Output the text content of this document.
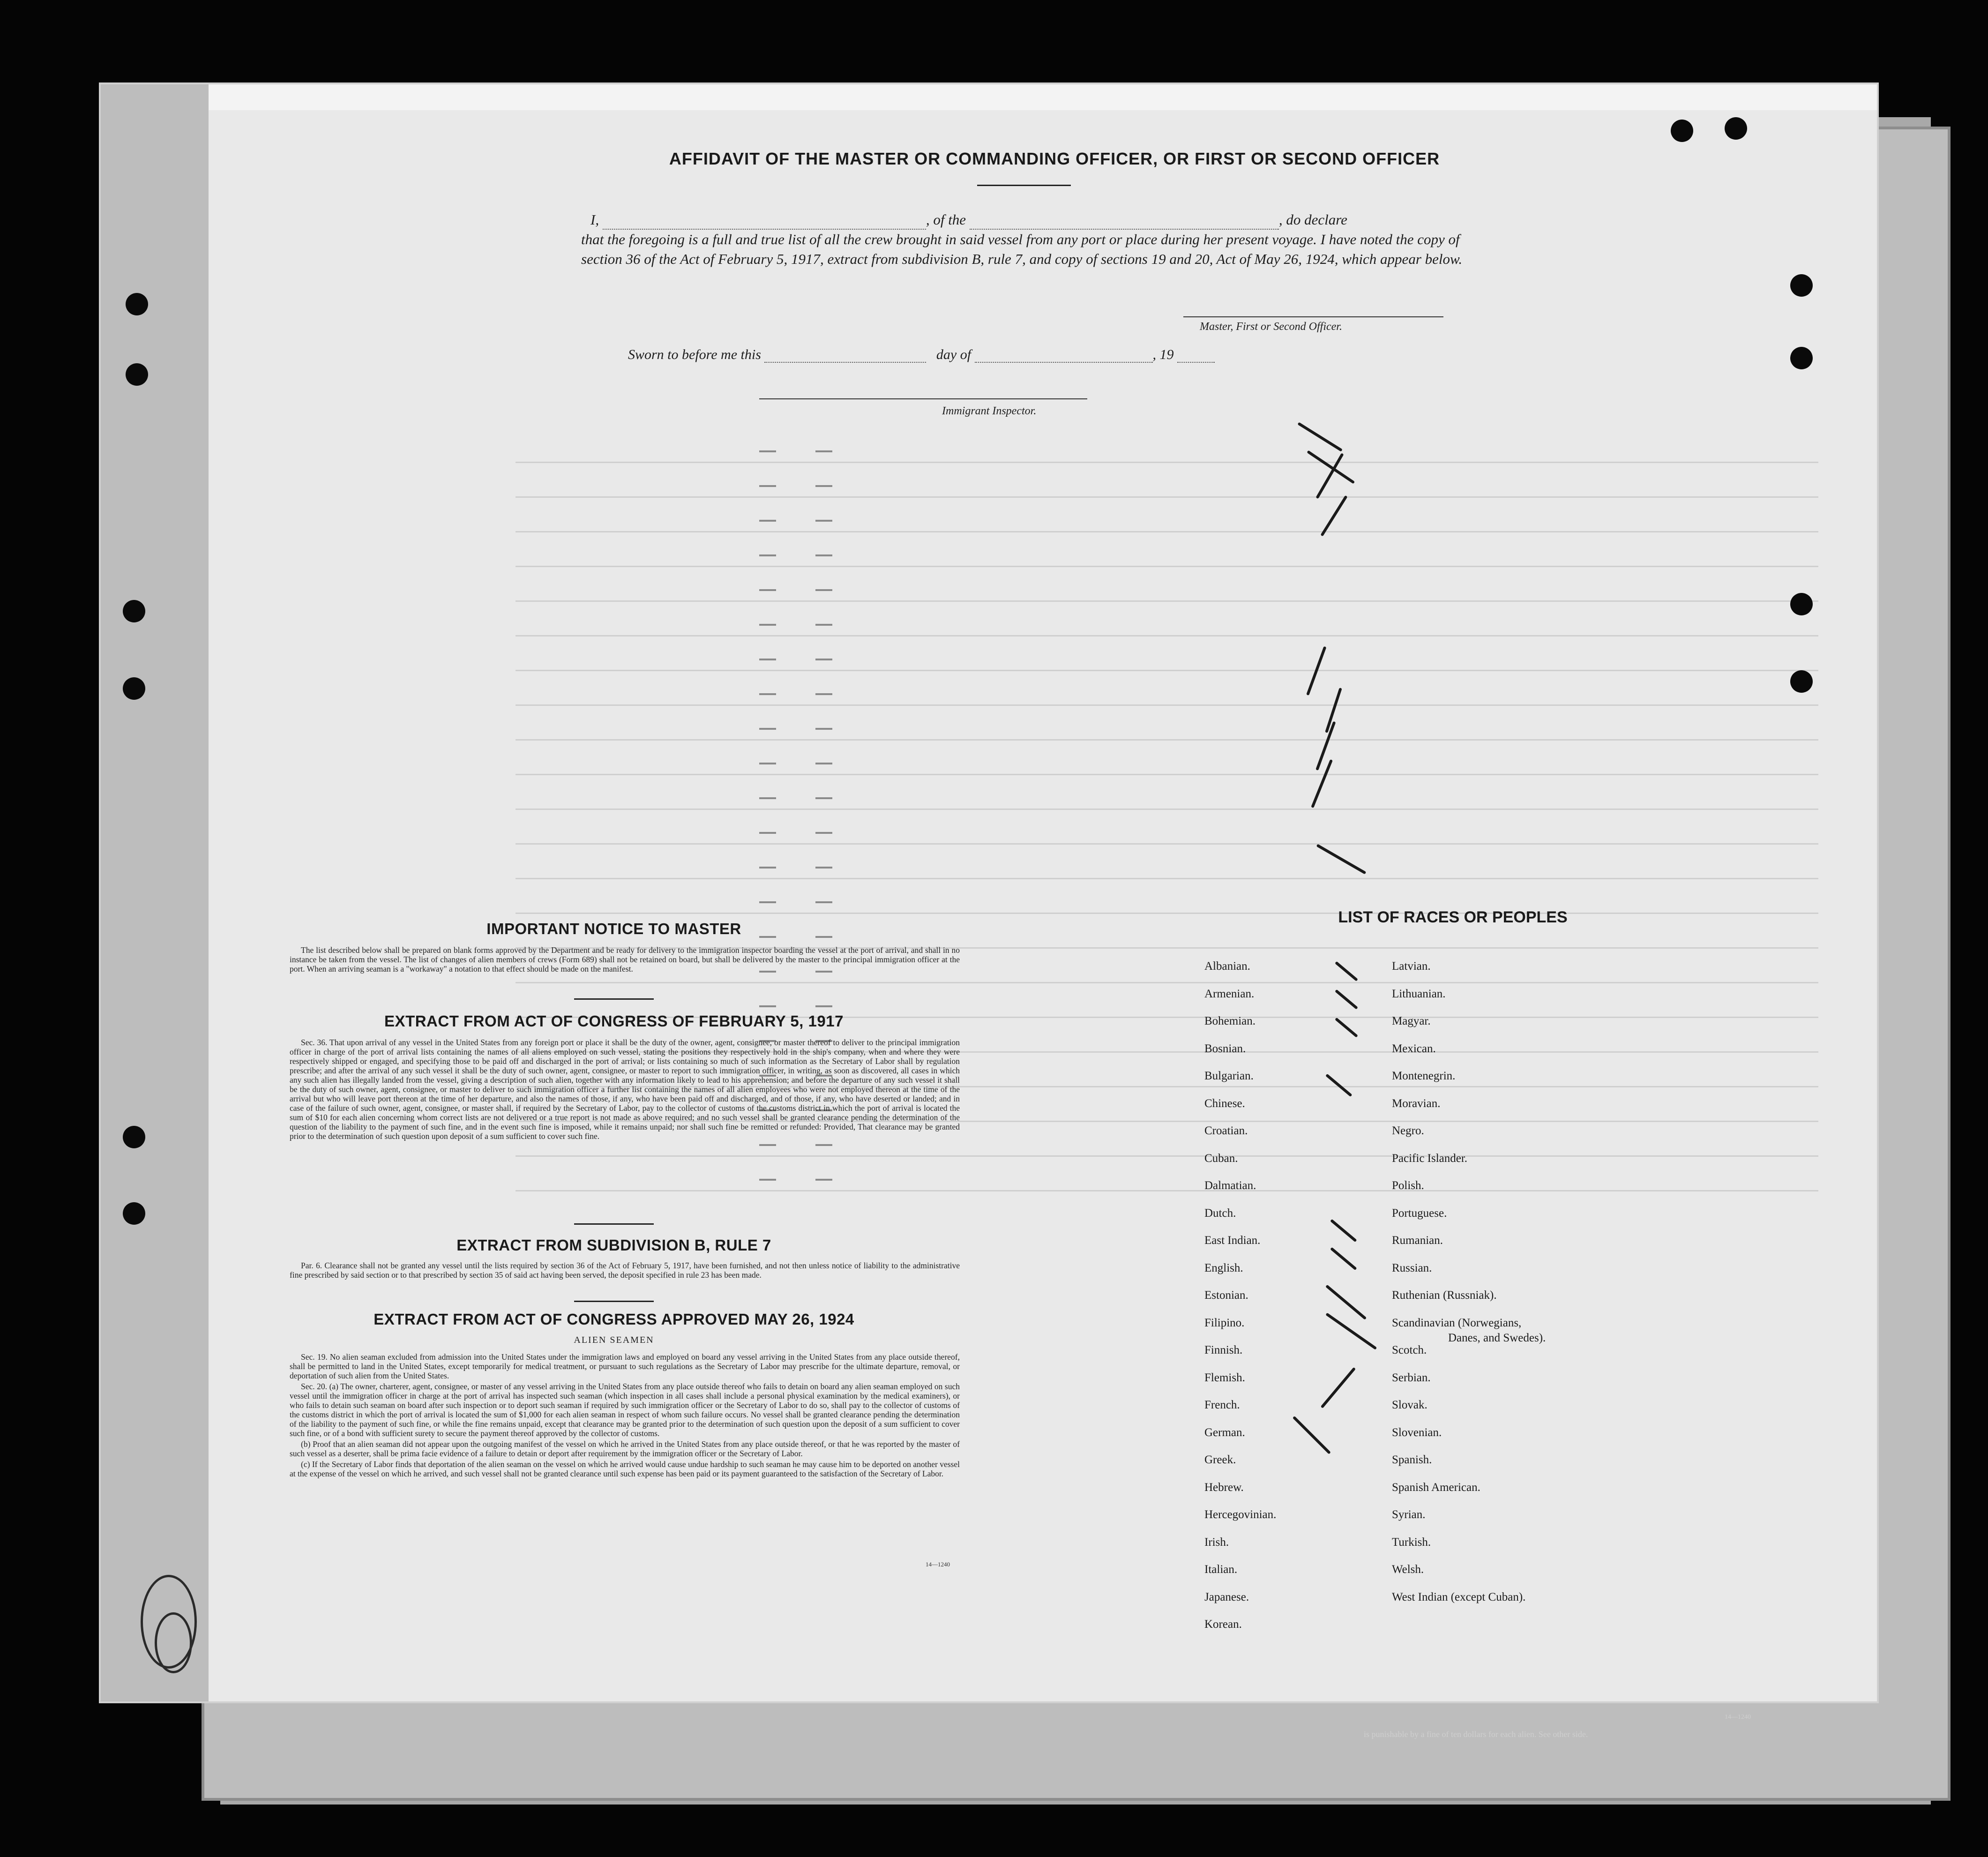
AFFIDAVIT OF THE MASTER OR COMMANDING OFFICER, OR FIRST OR SECOND OFFICER
I,	, of the	, do declare
that the foregoing is a full and true list of all the crew brought in said vessel from any port or place during her present voyage. I have noted the copy of section 36 of the Act of February 5, 1917, extract from subdivision B, rule 7, and copy of sections 19 and 20, Act of May 26, 1924, which appear below.
Master, First or Second Officer.
Sworn to before me this	day of	, 19
Immigrant Inspector.
IMPORTANT NOTICE TO MASTER

The list described below shall be prepared on blank forms approved by the Department and be ready for delivery to the immigration inspector boarding the vessel at the port of arrival, and shall in no instance be taken from the vessel. The list of changes of alien members of crews (Form 689) shall not be retained on board, but shall be delivered by the master to the principal immigration officer at the port. When an arriving seaman is a "workaway" a notation to that effect should be made on the manifest.

EXTRACT FROM ACT OF CONGRESS OF FEBRUARY 5, 1917

Sec. 36. That upon arrival of any vessel in the United States from any foreign port or place it shall be the duty of the owner, agent, consignee, or master thereof to deliver to the principal immigration officer in charge of the port of arrival lists containing the names of all aliens employed on such vessel, stating the positions they respectively hold in the ship's company, when and where they were respectively shipped or engaged, and specifying those to be paid off and discharged in the port of arrival; or lists containing so much of such information as the Secretary of Labor shall by regulation prescribe; and after the arrival of any such vessel it shall be the duty of such owner, agent, consignee, or master to report to such immigration officer, in writing, as soon as discovered, all cases in which any such alien has illegally landed from the vessel, giving a description of such alien, together with any information likely to lead to his apprehension; and before the departure of any such vessel it shall be the duty of such owner, agent, consignee, or master to deliver to such immigration officer a further list containing the names of all alien employees who were not employed thereon at the time of the arrival but who will leave port thereon at the time of her departure, and also the names of those, if any, who have been paid off and discharged, and of those, if any, who have deserted or landed; and in case of the failure of such owner, agent, consignee, or master shall, if required by the Secretary of Labor, pay to the collector of customs of the customs district in which the port of arrival is located the sum of $10 for each alien concerning whom correct lists are not delivered or a true report is not made as above required; and no such vessel shall be granted clearance pending the determination of the question of the liability to the payment of such fine, and in the event such fine is imposed, while it remains unpaid; nor shall such fine be remitted or refunded: Provided, That clearance may be granted prior to the determination of such question upon deposit of a sum sufficient to cover such fine.

EXTRACT FROM SUBDIVISION B, RULE 7

Par. 6. Clearance shall not be granted any vessel until the lists required by section 36 of the Act of February 5, 1917, have been furnished, and not then unless notice of liability to the administrative fine prescribed by said section or to that prescribed by section 35 of said act having been served, the deposit specified in rule 23 has been made.

EXTRACT FROM ACT OF CONGRESS APPROVED MAY 26, 1924
ALIEN SEAMEN

Sec. 19. No alien seaman excluded from admission into the United States under the immigration laws and employed on board any vessel arriving in the United States from any place outside thereof, shall be permitted to land in the United States, except temporarily for medical treatment, or pursuant to such regulations as the Secretary of Labor may prescribe for the ultimate departure, removal, or deportation of such alien from the United States.

Sec. 20. (a) The owner, charterer, agent, consignee, or master of any vessel arriving in the United States from any place outside thereof who fails to detain on board any alien seaman employed on such vessel until the immigration officer in charge at the port of arrival has inspected such seaman (which inspection in all cases shall include a personal physical examination by the medical examiners), or who fails to detain such seaman on board after such inspection or to deport such seaman if required by such immigration officer or the Secretary of Labor to do so, shall pay to the collector of customs of the customs district in which the port of arrival is located the sum of $1,000 for each alien seaman in respect of whom such failure occurs. No vessel shall be granted clearance pending the determination of the liability to the payment of such fine, or while the fine remains unpaid, except that clearance may be granted prior to the determination of such question upon the deposit of a sum sufficient to cover such fine, or of a bond with sufficient surety to secure the payment thereof approved by the collector of customs.

(b) Proof that an alien seaman did not appear upon the outgoing manifest of the vessel on which he arrived in the United States from any place outside thereof, or that he was reported by the master of such vessel as a deserter, shall be prima facie evidence of a failure to detain or deport after requirement by the immigration officer or the Secretary of Labor.

(c) If the Secretary of Labor finds that deportation of the alien seaman on the vessel on which he arrived would cause undue hardship to such seaman he may cause him to be deported on another vessel at the expense of the vessel on which he arrived, and such vessel shall not be granted clearance until such expense has been paid or its payment guaranteed to the satisfaction of the Secretary of Labor.

14—1240
LIST OF RACES OR PEOPLES
Albanian.
Armenian.
Bohemian.
Bosnian.
Bulgarian.
Chinese.
Croatian.
Cuban.
Dalmatian.
Dutch.
East Indian.
English.
Estonian.
Filipino.
Finnish.
Flemish.
French.
German.
Greek.
Hebrew.
Hercegovinian.
Irish.
Italian.
Japanese.
Korean.
Latvian.
Lithuanian.
Magyar.
Mexican.
Montenegrin.
Moravian.
Negro.
Pacific Islander.
Polish.
Portuguese.
Rumanian.
Russian.
Ruthenian (Russniak).
Scandinavian (Norwegians,
Danes, and Swedes).
Scotch.
Serbian.
Slovak.
Slovenian.
Spanish.
Spanish American.
Syrian.
Turkish.
Welsh.
West Indian (except Cuban).
is punishable by a fine of ten dollars for each alien. See other side.
14—1240
